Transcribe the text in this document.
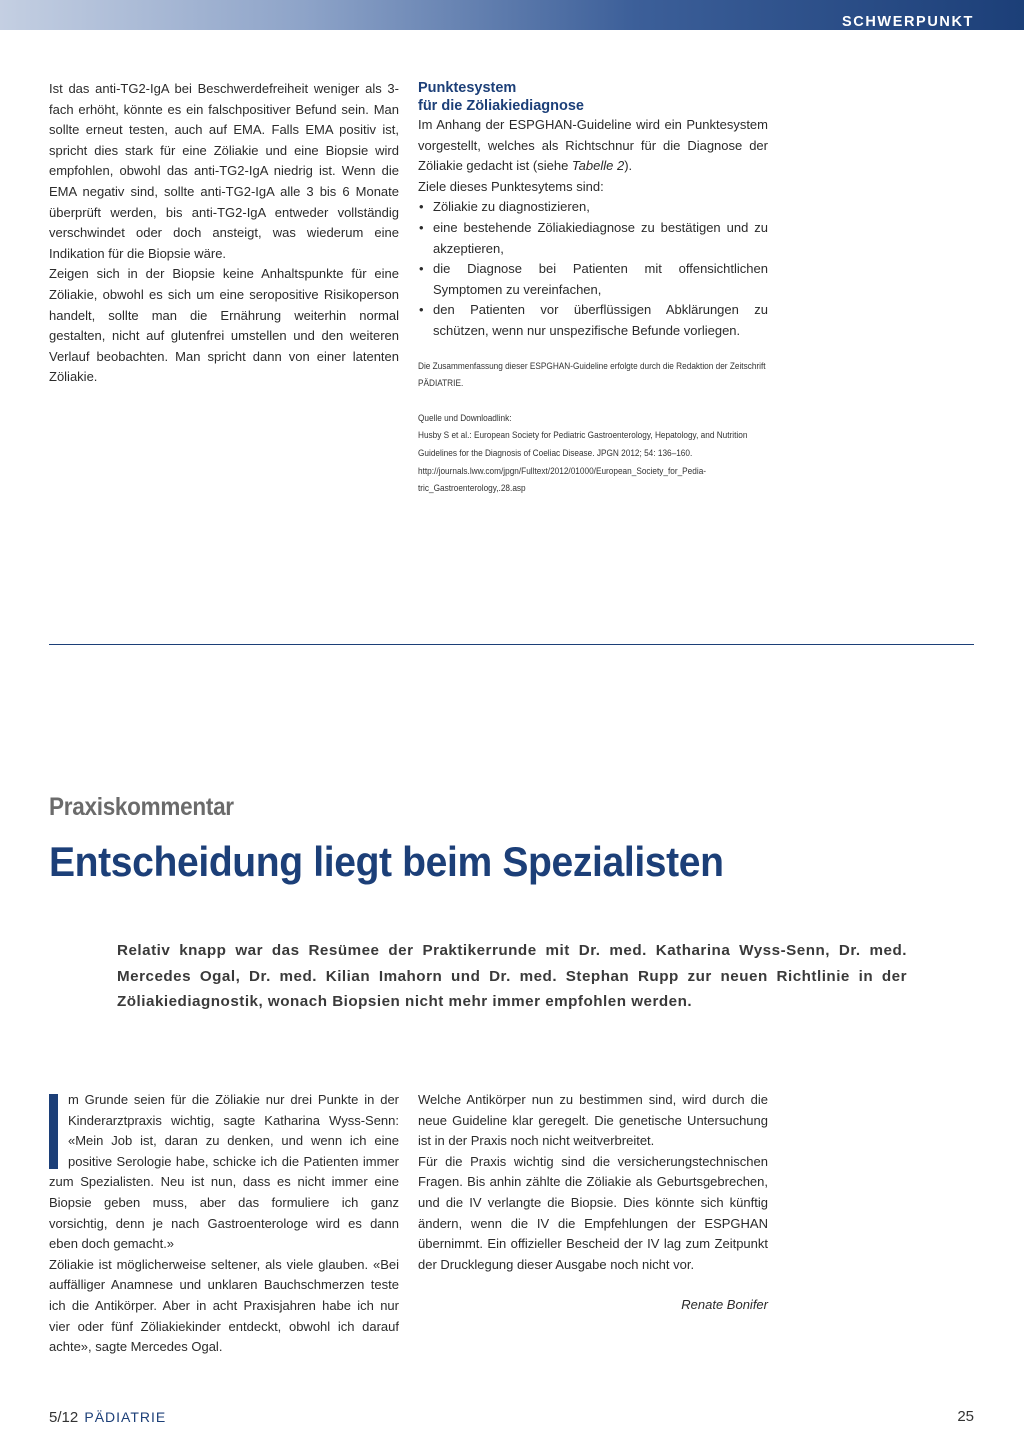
SCHWERPUNKT

Ist das anti-TG2-IgA bei Beschwerdefreiheit weniger als 3-fach erhöht, könnte es ein falschpositiver Befund sein. Man sollte erneut testen, auch auf EMA. Falls EMA positiv ist, spricht dies stark für eine Zöliakie und eine Biopsie wird empfohlen, obwohl das anti-TG2-IgA niedrig ist. Wenn die EMA negativ sind, sollte anti-TG2-IgA alle 3 bis 6 Monate überprüft werden, bis anti-TG2-IgA entweder vollständig verschwindet oder doch ansteigt, was wiederum eine Indikation für die Biopsie wäre.

Zeigen sich in der Biopsie keine Anhaltspunkte für eine Zöliakie, obwohl es sich um eine seropositive Risikoperson handelt, sollte man die Ernährung weiterhin normal gestalten, nicht auf glutenfrei umstellen und den weiteren Verlauf beobachten. Man spricht dann von einer latenten Zöliakie.

Punktesystem
für die Zöliakiediagnose

Im Anhang der ESPGHAN-Guideline wird ein Punktesystem vorgestellt, welches als Richtschnur für die Diagnose der Zöliakie gedacht ist (siehe Tabelle 2).

Ziele dieses Punktesytems sind:

• Zöliakie zu diagnostizieren,
• eine bestehende Zöliakiediagnose zu bestätigen und zu akzeptieren,
• die Diagnose bei Patienten mit offensichtlichen Symptomen zu vereinfachen,
• den Patienten vor überflüssigen Abklärungen zu schützen, wenn nur unspezifische Befunde vorliegen.

Die Zusammenfassung dieser ESPGHAN-Guideline erfolgte durch die Redaktion der Zeitschrift PÄDIATRIE.

Quelle und Downloadlink:

Husby S et al.: European Society for Pediatric Gastroenterology, Hepatology, and Nutrition
Guidelines for the Diagnosis of Coeliac Disease. JPGN 2012; 54: 136–160.
http://journals.lww.com/jpgn/Fulltext/2012/01000/European_Society_for_Pedia-
tric_Gastroenterology,.28.asp
Praxiskommentar
Entscheidung liegt beim Spezialisten

Relativ knapp war das Resümee der Praktikerrunde mit Dr. med. Katharina Wyss-Senn, Dr. med. Mercedes Ogal, Dr. med. Kilian Imahorn und Dr. med. Stephan Rupp zur neuen Richtlinie in der Zöliakiediagnostik, wonach Biopsien nicht mehr immer empfohlen werden.

m Grunde seien für die Zöliakie nur drei Punkte in der Kinderarztpraxis wichtig, sagte Katharina Wyss-Senn: «Mein Job ist, daran zu denken, und wenn ich eine positive Serologie habe, schicke ich die Patienten immer zum Spezialisten. Neu ist nun, dass es nicht immer eine Biopsie geben muss, aber das formuliere ich ganz vorsichtig, denn je nach Gastroenterologe wird es dann eben doch gemacht.»

Zöliakie ist möglicherweise seltener, als viele glauben. «Bei auffälliger Anamnese und unklaren Bauchschmerzen teste ich die Antikörper. Aber in acht Praxisjahren habe ich nur vier oder fünf Zöliakiekinder entdeckt, obwohl ich darauf achte», sagte Mercedes Ogal.

Welche Antikörper nun zu bestimmen sind, wird durch die neue Guideline klar geregelt. Die genetische Untersuchung ist in der Praxis noch nicht weitverbreitet.

Für die Praxis wichtig sind die versicherungstechnischen Fragen. Bis anhin zählte die Zöliakie als Geburtsgebrechen, und die IV verlangte die Biopsie. Dies könnte sich künftig ändern, wenn die IV die Empfehlungen der ESPGHAN übernimmt. Ein offizieller Bescheid der IV lag zum Zeitpunkt der Drucklegung dieser Ausgabe noch nicht vor.

Renate Bonifer

5/12 PÄDIATRIE	25
